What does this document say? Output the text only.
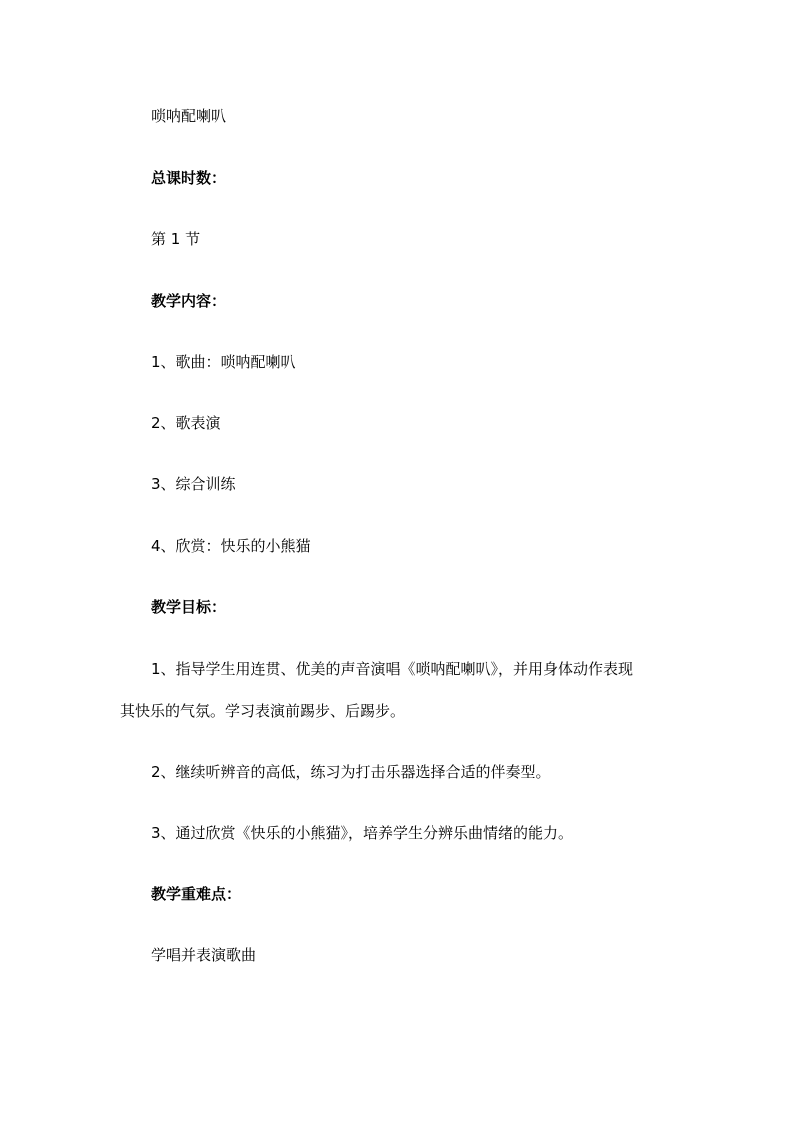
唢呐配喇叭
总课时数：
第 1 节
教学内容：
1、歌曲：唢呐配喇叭
2、歌表演
3、综合训练
4、欣赏：快乐的小熊猫
教学目标：
1、指导学生用连贯、优美的声音演唱《唢呐配喇叭》，并用身体动作表现
其快乐的气氛。学习表演前踢步、后踢步。
2、继续听辨音的高低，练习为打击乐器选择合适的伴奏型。
3、通过欣赏《快乐的小熊猫》，培养学生分辨乐曲情绪的能力。
教学重难点：
学唱并表演歌曲
